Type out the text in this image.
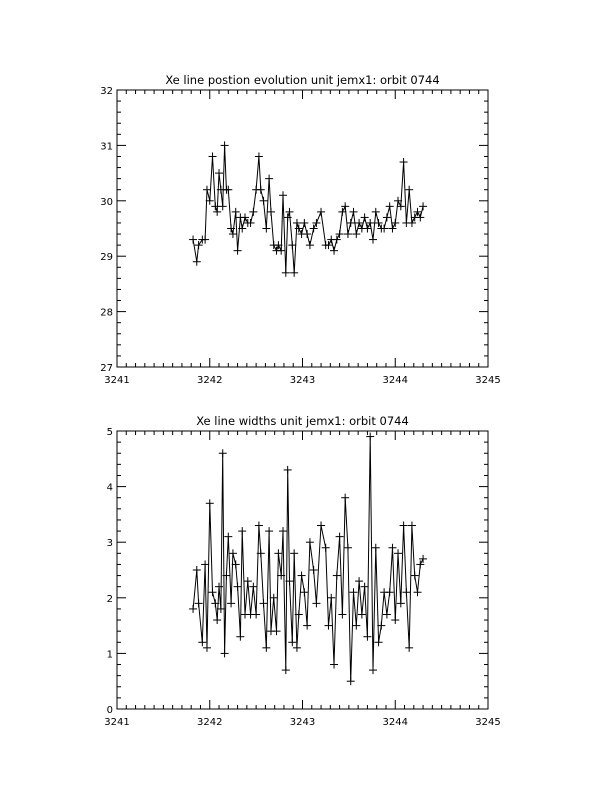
Xe line postion evolution unit jemx1: orbit 0744
3241	3242	3243	3244	3245
27
28
29
30
31
32
Xe line widths unit jemx1: orbit 0744
3241	3242	3243	3244	3245
0
1
2
3
4
5
